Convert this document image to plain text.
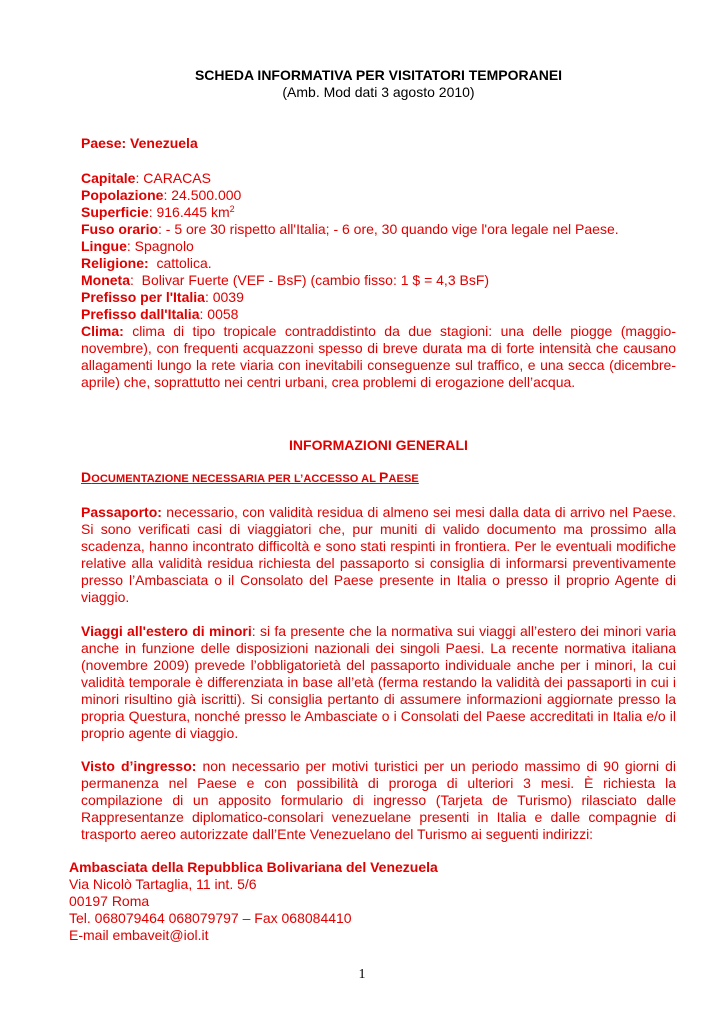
SCHEDA INFORMATIVA PER VISITATORI TEMPORANEI
(Amb. Mod dati 3 agosto 2010)
Paese: Venezuela
Capitale: CARACAS
Popolazione: 24.500.000
Superficie: 916.445 $km^2$
Fuso orario: - 5 ore 30 rispetto all'Italia; - 6 ore, 30 quando vige l'ora legale nel Paese.
Lingue: Spagnolo
Religione:  cattolica.
Moneta:  Bolivar Fuerte (VEF - BsF) (cambio fisso: 1 $ = 4,3 BsF)
Prefisso per l'Italia: 0039
Prefisso dall'Italia: 0058
Clima: clima di tipo tropicale contraddistinto da due stagioni: una delle piogge (maggio-novembre), con frequenti acquazzoni spesso di breve durata ma di forte intensità che causano allagamenti lungo la rete viaria con inevitabili conseguenze sul traffico, e una secca (dicembre-aprile) che, soprattutto nei centri urbani, crea problemi di erogazione dell’acqua.
INFORMAZIONI GENERALI
DOCUMENTAZIONE NECESSARIA PER L’ACCESSO AL PAESE
Passaporto: necessario, con validità residua di almeno sei mesi dalla data di arrivo nel Paese. Si sono verificati casi di viaggiatori che, pur muniti di valido documento ma prossimo alla scadenza, hanno incontrato difficoltà e sono stati respinti in frontiera. Per le eventuali modifiche relative alla validità residua richiesta del passaporto si consiglia di informarsi preventivamente presso l’Ambasciata o il Consolato del Paese presente in Italia o presso il proprio Agente di viaggio.
Viaggi all'estero di minori: si fa presente che la normativa sui viaggi all’estero dei minori varia anche in funzione delle disposizioni nazionali dei singoli Paesi. La recente normativa italiana (novembre 2009) prevede l’obbligatorietà del passaporto individuale anche per i minori, la cui validità temporale è differenziata in base all’età (ferma restando la validità dei passaporti in cui i minori risultino già iscritti). Si consiglia pertanto di assumere informazioni aggiornate presso la propria Questura, nonché presso le Ambasciate o i Consolati del Paese accreditati in Italia e/o il proprio agente di viaggio.
Visto d’ingresso: non necessario per motivi turistici per un periodo massimo di 90 giorni di permanenza nel Paese e con possibilità di proroga di ulteriori 3 mesi. È richiesta la compilazione di un apposito formulario di ingresso (Tarjeta de Turismo) rilasciato dalle Rappresentanze diplomatico-consolari venezuelane presenti in Italia e dalle compagnie di trasporto aereo autorizzate dall’Ente Venezuelano del Turismo ai seguenti indirizzi:
Ambasciata della Repubblica Bolivariana del Venezuela
Via Nicolò Tartaglia, 11 int. 5/6
00197 Roma
Tel. 068079464 068079797 – Fax 068084410
E-mail embaveit@iol.it
1
